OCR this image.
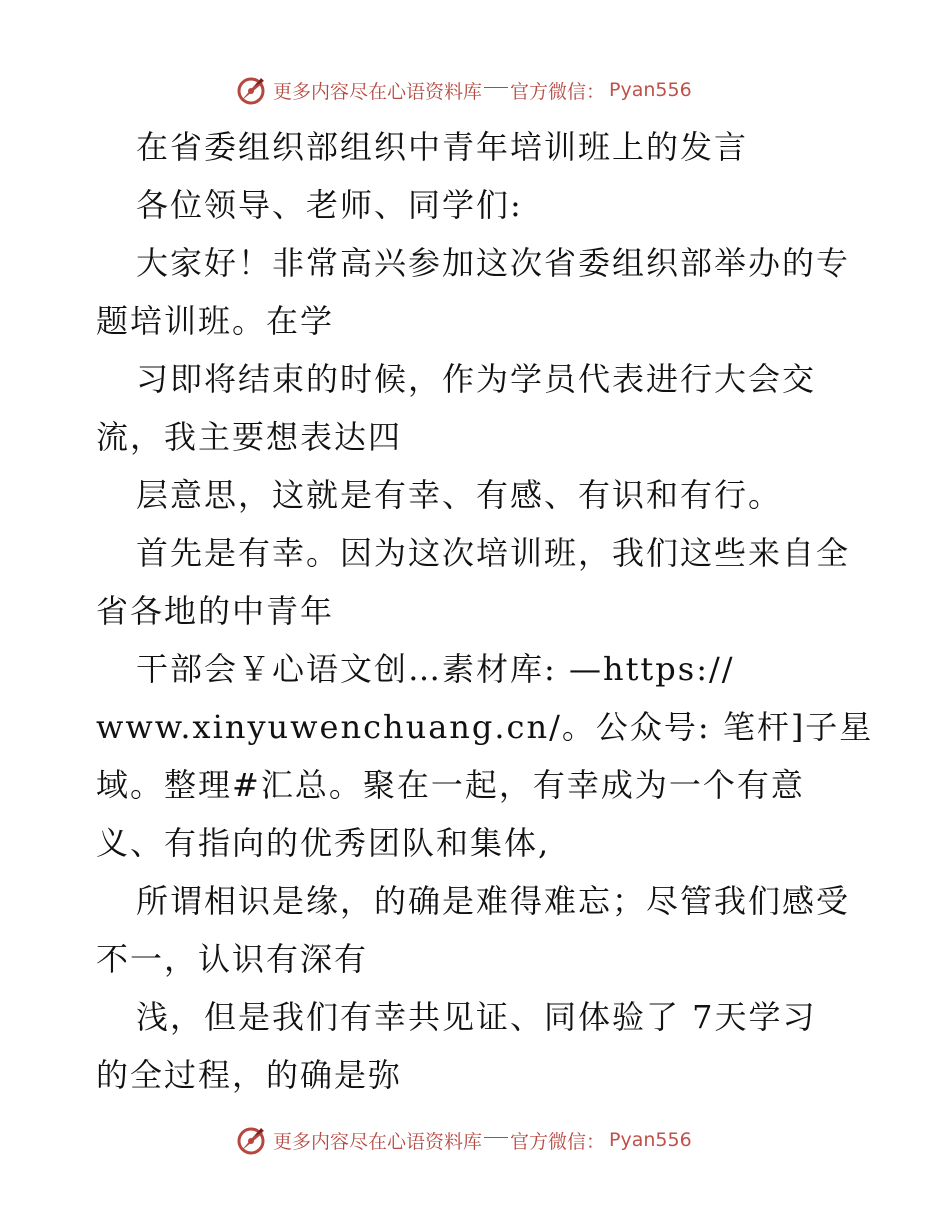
更多内容尽在心语资料库 官方微信： Pyan556
在省委组织部组织中青年培训班上的发言
各位领导、老师、同学们:
大家好！非常高兴参加这次省委组织部举办的专
题培训班。在学
习即将结束的时候，作为学员代表进行大会交
流，我主要想表达四
层意思，这就是有幸、有感、有识和有行。
首先是有幸。因为这次培训班，我们这些来自全
省各地的中青年
干部会￥心语文创…素材库: —https://
www.xinyuwenchuang.cn/。公众号: 笔杆]子星
域。整理#汇总。聚在一起，有幸成为一个有意
义、有指向的优秀团队和集体,
所谓相识是缘，的确是难得难忘；尽管我们感受
不一，认识有深有
浅，但是我们有幸共见证、同体验了 7天学习
的全过程，的确是弥
更多内容尽在心语资料库 官方微信： Pyan556
